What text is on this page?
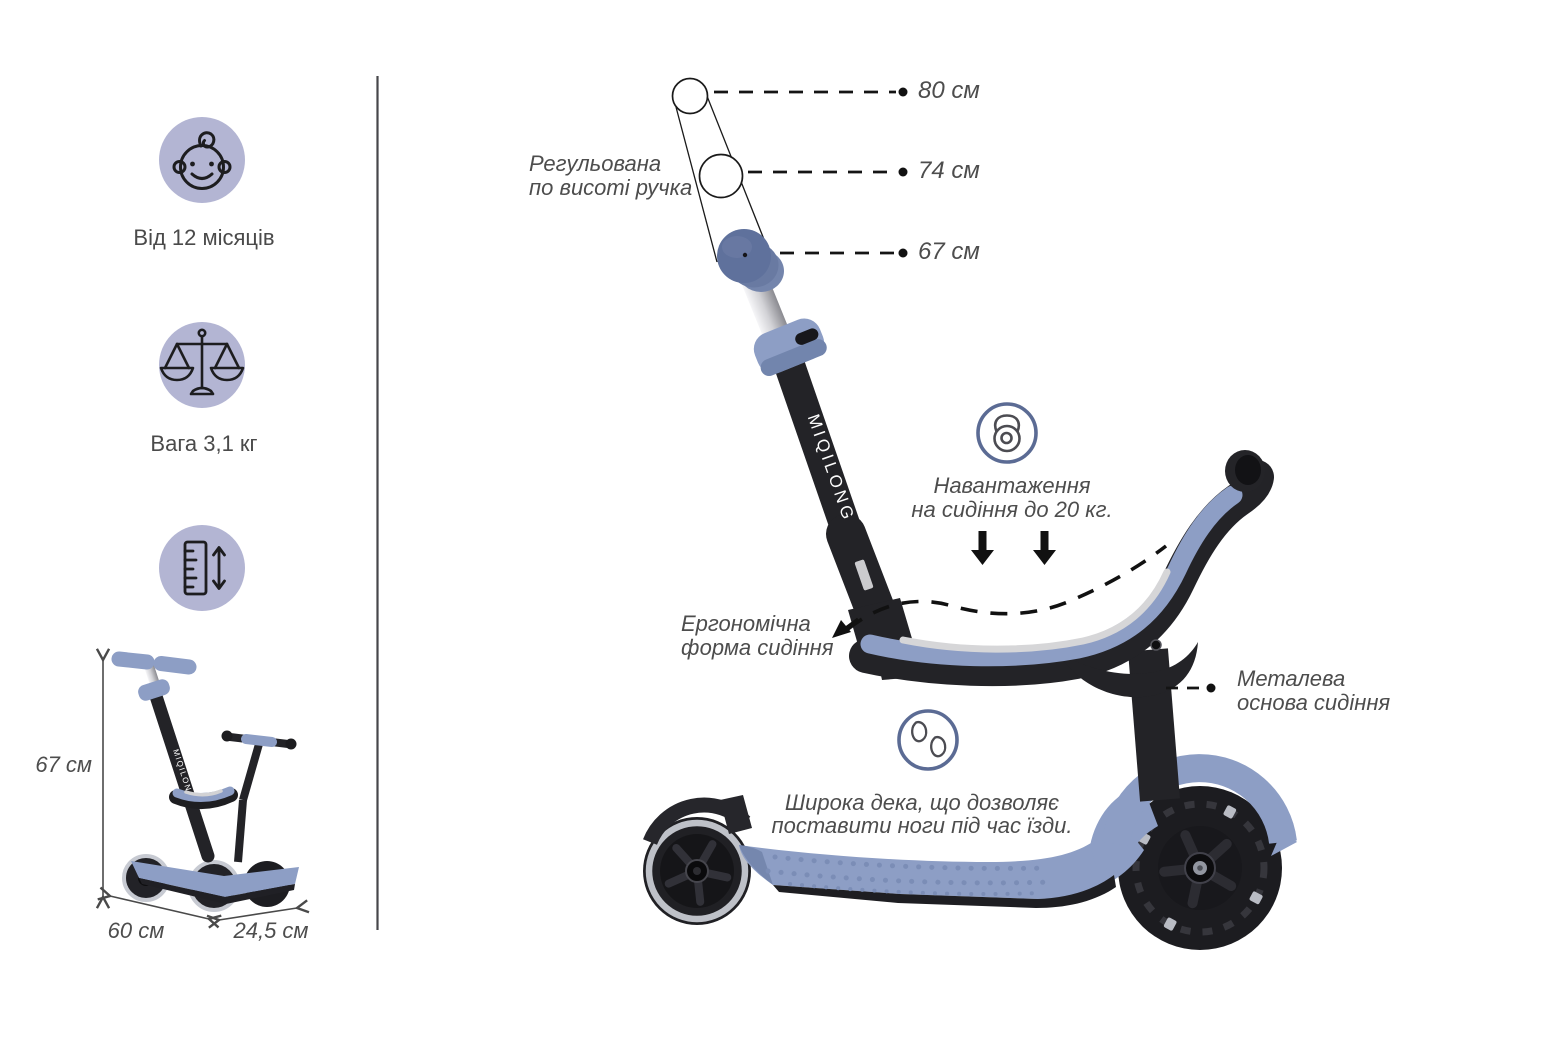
MIQILONG
MIQILONG
Від 12 місяців
Вага 3,1 кг
67 см
60 см	24,5 см
Регульована
по висоті ручка
80 см
74 см
67 см
Навантаження
на сидіння до 20 кг.
Ергономічна
форма сидіння
Металева
основа сидіння
Широка дека, що дозволяє
поставити ноги під час їзди.
